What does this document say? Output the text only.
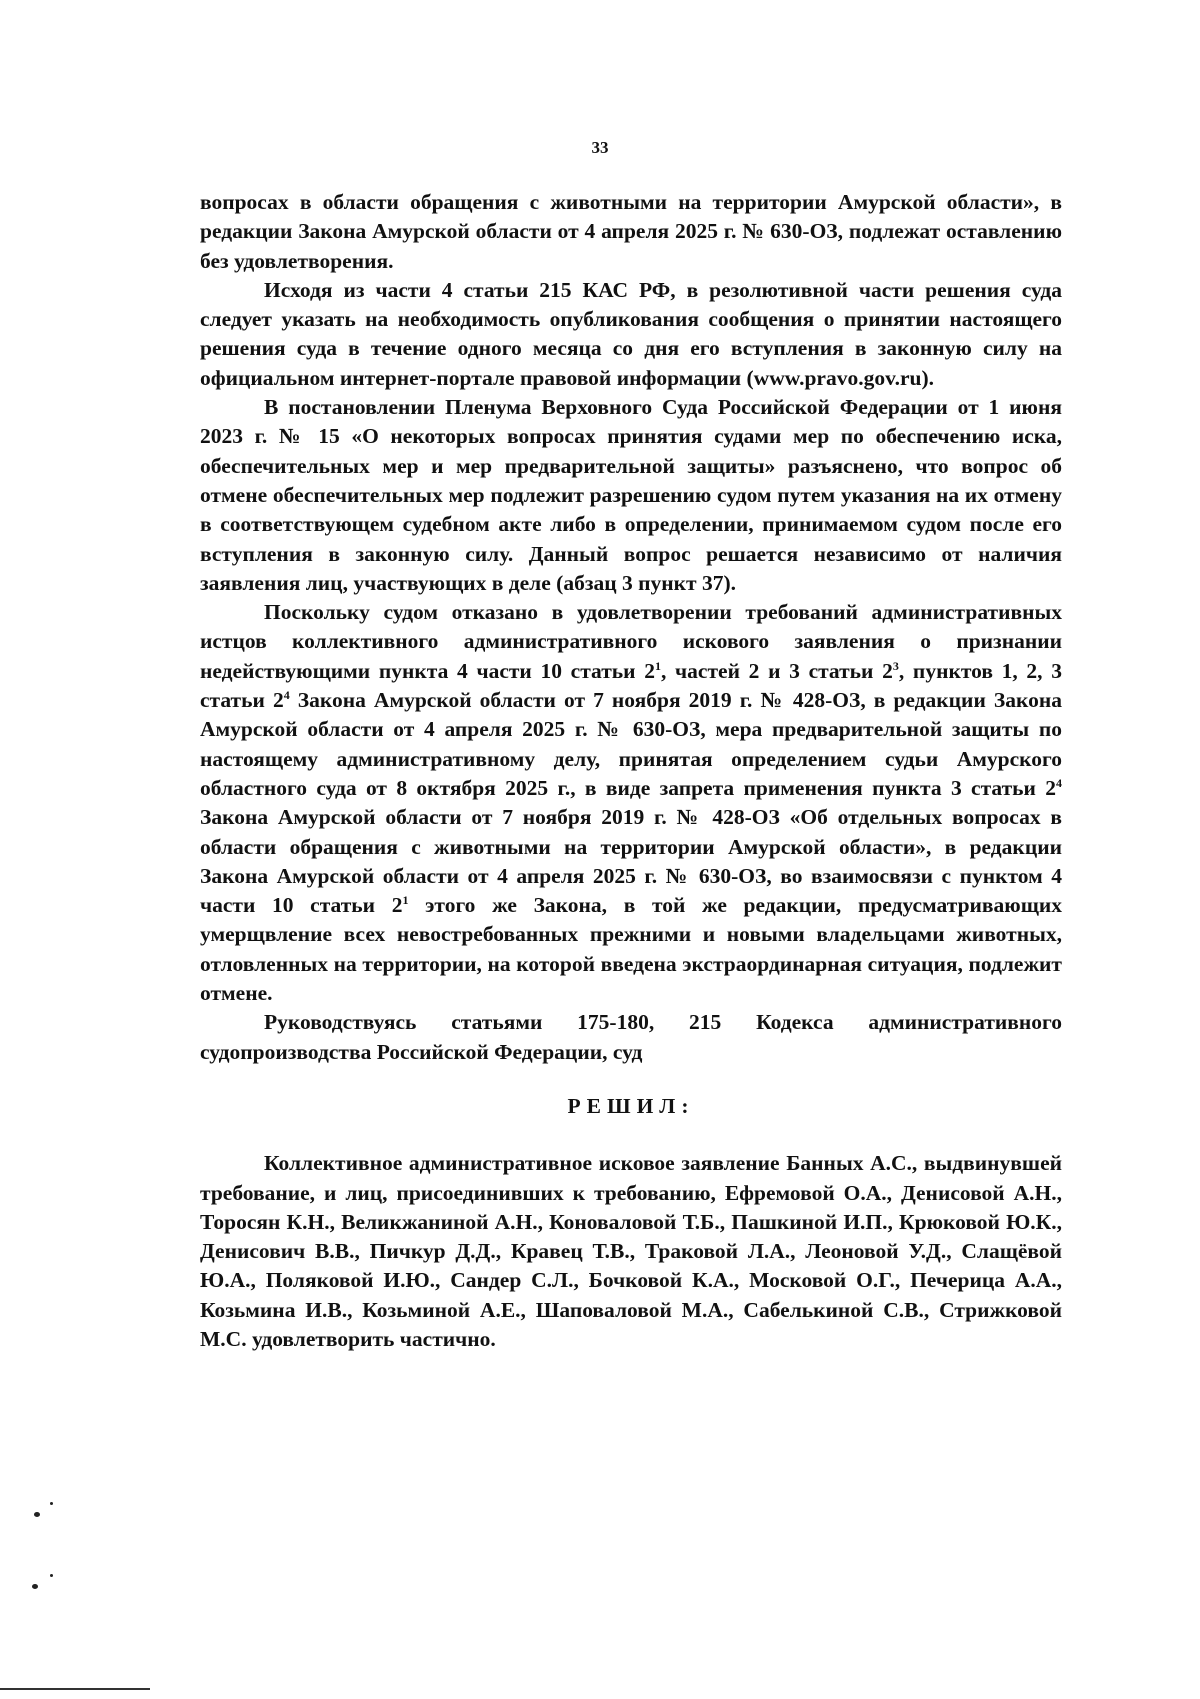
33

вопросах в области обращения с животными на территории Амурской области», в редакции Закона Амурской области от 4 апреля 2025 г. № 630-ОЗ, подлежат оставлению без удовлетворения.

Исходя из части 4 статьи 215 КАС РФ, в резолютивной части решения суда следует указать на необходимость опубликования сообщения о принятии настоящего решения суда в течение одного месяца со дня его вступления в законную силу на официальном интернет-портале правовой информации (www.pravo.gov.ru).

В постановлении Пленума Верховного Суда Российской Федерации от 1 июня 2023 г. № 15 «О некоторых вопросах принятия судами мер по обеспечению иска, обеспечительных мер и мер предварительной защиты» разъяснено, что вопрос об отмене обеспечительных мер подлежит разрешению судом путем указания на их отмену в соответствующем судебном акте либо в определении, принимаемом судом после его вступления в законную силу. Данный вопрос решается независимо от наличия заявления лиц, участвующих в деле (абзац 3 пункт 37).

Поскольку судом отказано в удовлетворении требований административных истцов коллективного административного искового заявления о признании недействующими пункта 4 части 10 статьи $2^1$, частей 2 и 3 статьи $2^3$, пунктов 1, 2, 3 статьи $2^4$ Закона Амурской области от 7 ноября 2019 г. № 428-ОЗ, в редакции Закона Амурской области от 4 апреля 2025 г. № 630-ОЗ, мера предварительной защиты по настоящему административному делу, принятая определением судьи Амурского областного суда от 8 октября 2025 г., в виде запрета применения пункта 3 статьи $2^4$ Закона Амурской области от 7 ноября 2019 г. № 428-ОЗ «Об отдельных вопросах в области обращения с животными на территории Амурской области», в редакции Закона Амурской области от 4 апреля 2025 г. № 630-ОЗ, во взаимосвязи с пунктом 4 части 10 статьи $2^1$ этого же Закона, в той же редакции, предусматривающих умерщвление всех невостребованных прежними и новыми владельцами животных, отловленных на территории, на которой введена экстраординарная ситуация, подлежит отмене.

Руководствуясь статьями 175-180, 215 Кодекса административного судопроизводства Российской Федерации, суд

РЕШИЛ:

Коллективное административное исковое заявление Банных А.С., выдвинувшей требование, и лиц, присоединивших к требованию, Ефремовой О.А., Денисовой А.Н., Торосян К.Н., Великжаниной А.Н., Коноваловой Т.Б., Пашкиной И.П., Крюковой Ю.К., Денисович В.В., Пичкур Д.Д., Кравец Т.В., Траковой Л.А., Леоновой У.Д., Слащёвой Ю.А., Поляковой И.Ю., Сандер С.Л., Бочковой К.А., Московой О.Г., Печерица А.А., Козьмина И.В., Козьминой А.Е., Шаповаловой М.А., Сабелькиной С.В., Стрижковой М.С. удовлетворить частично.
